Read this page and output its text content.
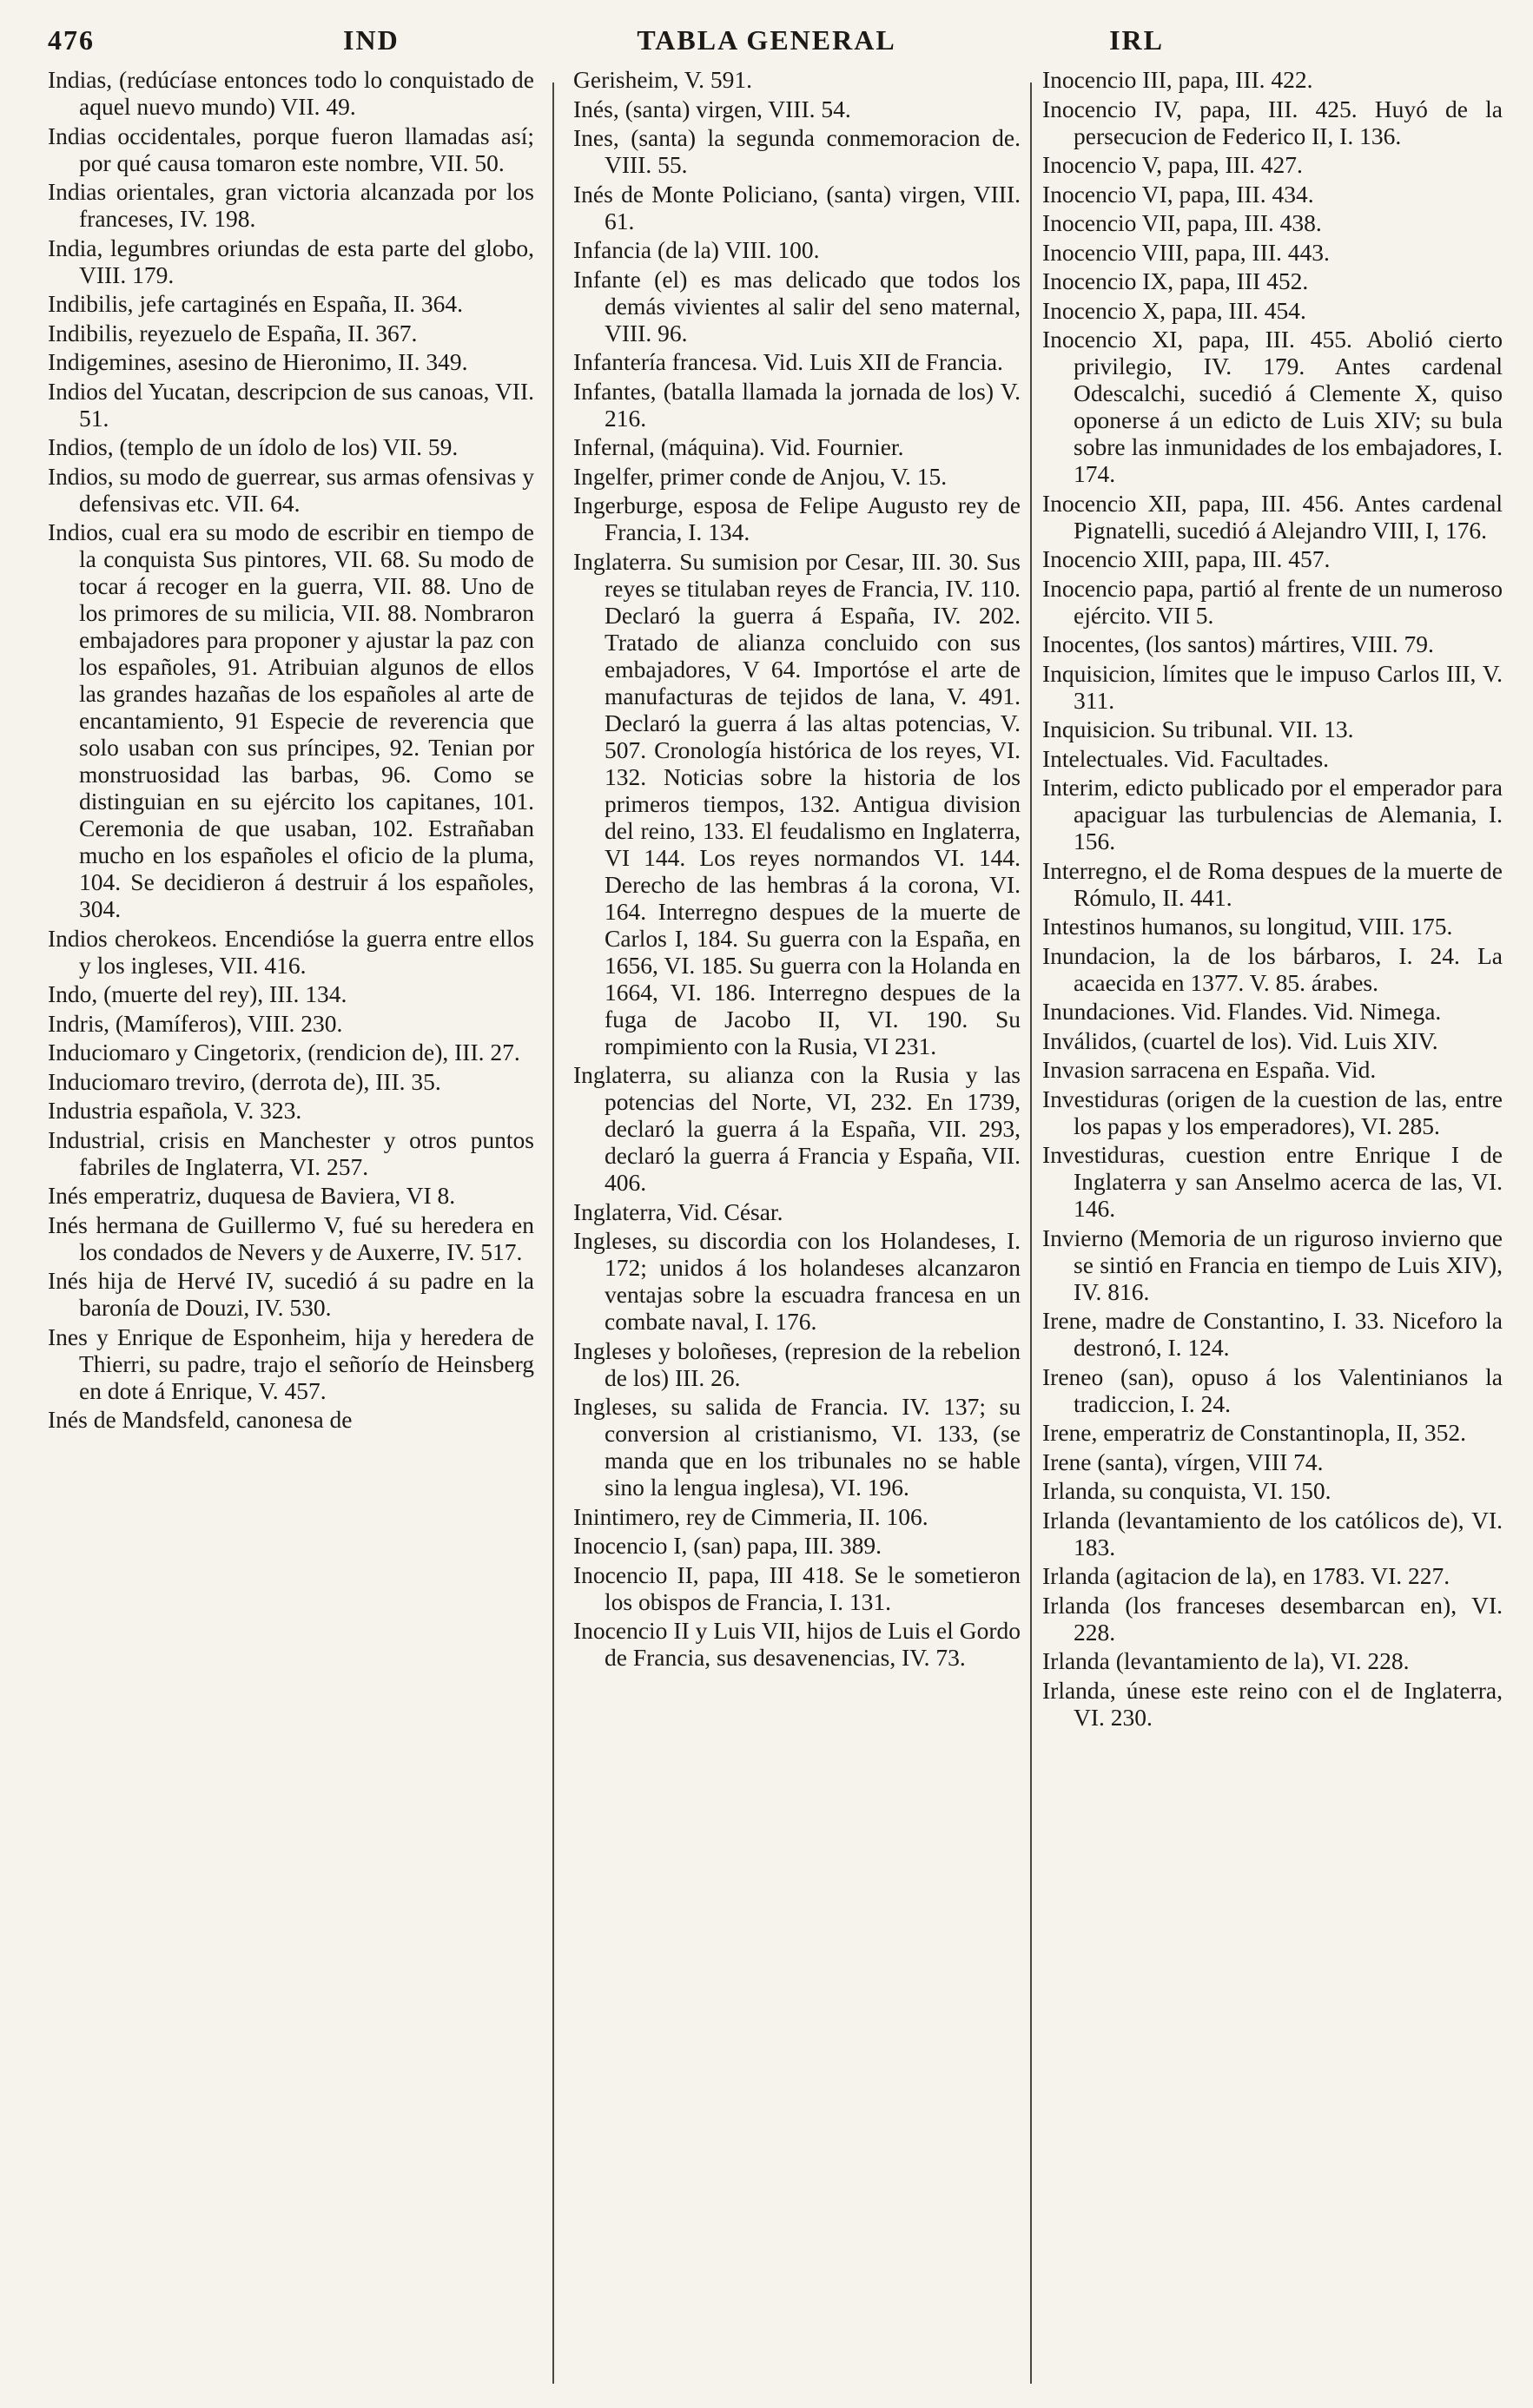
476	IND	TABLA GENERAL	IRL

Indias, (redúcíase entonces todo lo conquistado de aquel nuevo mundo) VII. 49.

Indias occidentales, porque fueron llamadas así; por qué causa tomaron este nombre, VII. 50.

Indias orientales, gran victoria alcanzada por los franceses, IV. 198.

India, legumbres oriundas de esta parte del globo, VIII. 179.

Indibilis, jefe cartaginés en España, II. 364.

Indibilis, reyezuelo de España, II. 367.

Indigemines, asesino de Hieronimo, II. 349.

Indios del Yucatan, descripcion de sus canoas, VII. 51.

Indios, (templo de un ídolo de los) VII. 59.

Indios, su modo de guerrear, sus armas ofensivas y defensivas etc. VII. 64.

Indios, cual era su modo de escribir en tiempo de la conquista Sus pintores, VII. 68. Su modo de tocar á recoger en la guerra, VII. 88. Uno de los primores de su milicia, VII. 88. Nombraron embajadores para proponer y ajustar la paz con los españoles, 91. Atribuian algunos de ellos las grandes hazañas de los españoles al arte de encantamiento, 91 Especie de reverencia que solo usaban con sus príncipes, 92. Tenian por monstruosidad las barbas, 96. Como se distinguian en su ejército los capitanes, 101. Ceremonia de que usaban, 102. Estrañaban mucho en los españoles el oficio de la pluma, 104. Se decidieron á destruir á los españoles, 304.

Indios cherokeos. Encendióse la guerra entre ellos y los ingleses, VII. 416.

Indo, (muerte del rey), III. 134.

Indris, (Mamíferos), VIII. 230.

Induciomaro y Cingetorix, (rendicion de), III. 27.

Induciomaro treviro, (derrota de), III. 35.

Industria española, V. 323.

Industrial, crisis en Manchester y otros puntos fabriles de Inglaterra, VI. 257.

Inés emperatriz, duquesa de Baviera, VI 8.

Inés hermana de Guillermo V, fué su heredera en los condados de Nevers y de Auxerre, IV. 517.

Inés hija de Hervé IV, sucedió á su padre en la baronía de Douzi, IV. 530.

Ines y Enrique de Esponheim, hija y heredera de Thierri, su padre, trajo el señorío de Heinsberg en dote á Enrique, V. 457.

Inés de Mandsfeld, canonesa de

Gerisheim, V. 591.

Inés, (santa) virgen, VIII. 54.

Ines, (santa) la segunda conmemoracion de. VIII. 55.

Inés de Monte Policiano, (santa) virgen, VIII. 61.

Infancia (de la) VIII. 100.

Infante (el) es mas delicado que todos los demás vivientes al salir del seno maternal, VIII. 96.

Infantería francesa. Vid. Luis XII de Francia.

Infantes, (batalla llamada la jornada de los) V. 216.

Infernal, (máquina). Vid. Fournier.

Ingelfer, primer conde de Anjou, V. 15.

Ingerburge, esposa de Felipe Augusto rey de Francia, I. 134.

Inglaterra. Su sumision por Cesar, III. 30. Sus reyes se titulaban reyes de Francia, IV. 110. Declaró la guerra á España, IV. 202. Tratado de alianza concluido con sus embajadores, V 64. Importóse el arte de manufacturas de tejidos de lana, V. 491. Declaró la guerra á las altas potencias, V. 507. Cronología histórica de los reyes, VI. 132. Noticias sobre la historia de los primeros tiempos, 132. Antigua division del reino, 133. El feudalismo en Inglaterra, VI 144. Los reyes normandos VI. 144. Derecho de las hembras á la corona, VI. 164. Interregno despues de la muerte de Carlos I, 184. Su guerra con la España, en 1656, VI. 185. Su guerra con la Holanda en 1664, VI. 186. Interregno despues de la fuga de Jacobo II, VI. 190. Su rompimiento con la Rusia, VI 231.

Inglaterra, su alianza con la Rusia y las potencias del Norte, VI, 232. En 1739, declaró la guerra á la España, VII. 293, declaró la guerra á Francia y España, VII. 406.

Inglaterra, Vid. César.

Ingleses, su discordia con los Holandeses, I. 172; unidos á los holandeses alcanzaron ventajas sobre la escuadra francesa en un combate naval, I. 176.

Ingleses y boloñeses, (represion de la rebelion de los) III. 26.

Ingleses, su salida de Francia. IV. 137; su conversion al cristianismo, VI. 133, (se manda que en los tribunales no se hable sino la lengua inglesa), VI. 196.

Inintimero, rey de Cimmeria, II. 106.

Inocencio I, (san) papa, III. 389.

Inocencio II, papa, III 418. Se le sometieron los obispos de Francia, I. 131.

Inocencio II y Luis VII, hijos de Luis el Gordo de Francia, sus desavenencias, IV. 73.

Inocencio III, papa, III. 422.

Inocencio IV, papa, III. 425. Huyó de la persecucion de Federico II, I. 136.

Inocencio V, papa, III. 427.

Inocencio VI, papa, III. 434.

Inocencio VII, papa, III. 438.

Inocencio VIII, papa, III. 443.

Inocencio IX, papa, III 452.

Inocencio X, papa, III. 454.

Inocencio XI, papa, III. 455. Abolió cierto privilegio, IV. 179. Antes cardenal Odescalchi, sucedió á Clemente X, quiso oponerse á un edicto de Luis XIV; su bula sobre las inmunidades de los embajadores, I. 174.

Inocencio XII, papa, III. 456. Antes cardenal Pignatelli, sucedió á Alejandro VIII, I, 176.

Inocencio XIII, papa, III. 457.

Inocencio papa, partió al frente de un numeroso ejército. VII 5.

Inocentes, (los santos) mártires, VIII. 79.

Inquisicion, límites que le impuso Carlos III, V. 311.

Inquisicion. Su tribunal. VII. 13.

Intelectuales. Vid. Facultades.

Interim, edicto publicado por el emperador para apaciguar las turbulencias de Alemania, I. 156.

Interregno, el de Roma despues de la muerte de Rómulo, II. 441.

Intestinos humanos, su longitud, VIII. 175.

Inundacion, la de los bárbaros, I. 24. La acaecida en 1377. V. 85. árabes.

Inundaciones. Vid. Flandes. Vid. Nimega.

Inválidos, (cuartel de los). Vid. Luis XIV.

Invasion sarracena en España. Vid.

Investiduras (origen de la cuestion de las, entre los papas y los emperadores), VI. 285.

Investiduras, cuestion entre Enrique I de Inglaterra y san Anselmo acerca de las, VI. 146.

Invierno (Memoria de un riguroso invierno que se sintió en Francia en tiempo de Luis XIV), IV. 816.

Irene, madre de Constantino, I. 33. Niceforo la destronó, I. 124.

Ireneo (san), opuso á los Valentinianos la tradiccion, I. 24.

Irene, emperatriz de Constantinopla, II, 352.

Irene (santa), vírgen, VIII 74.

Irlanda, su conquista, VI. 150.

Irlanda (levantamiento de los católicos de), VI. 183.

Irlanda (agitacion de la), en 1783. VI. 227.

Irlanda (los franceses desembarcan en), VI. 228.

Irlanda (levantamiento de la), VI. 228.

Irlanda, únese este reino con el de Inglaterra, VI. 230.
